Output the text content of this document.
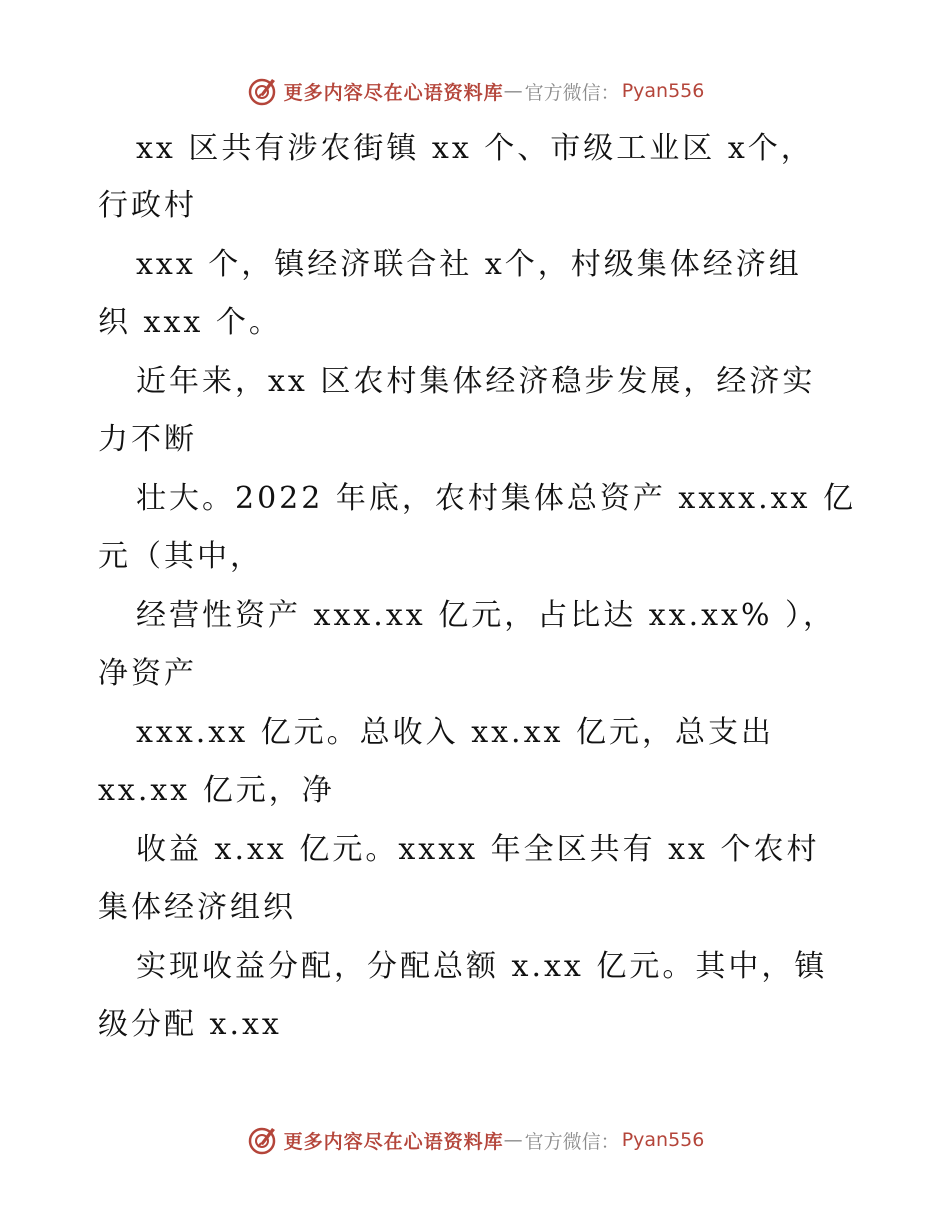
更多内容尽在心语资料库 — 官方微信： Pyan556
xx 区共有涉农街镇 xx 个、市级工业区 x个，
行政村
xxx 个，镇经济联合社 x个，村级集体经济组
织 xxx 个。
近年来，xx 区农村集体经济稳步发展，经济实
力不断
壮大。2022 年底，农村集体总资产 xxxx.xx 亿
元（其中，
经营性资产 xxx.xx 亿元，占比达 xx.xx% ），
净资产
xxx.xx 亿元。总收入 xx.xx 亿元，总支出
xx.xx 亿元，净
收益 x.xx 亿元。xxxx 年全区共有 xx 个农村
集体经济组织
实现收益分配，分配总额 x.xx 亿元。其中，镇
级分配 x.xx
更多内容尽在心语资料库 — 官方微信： Pyan556
